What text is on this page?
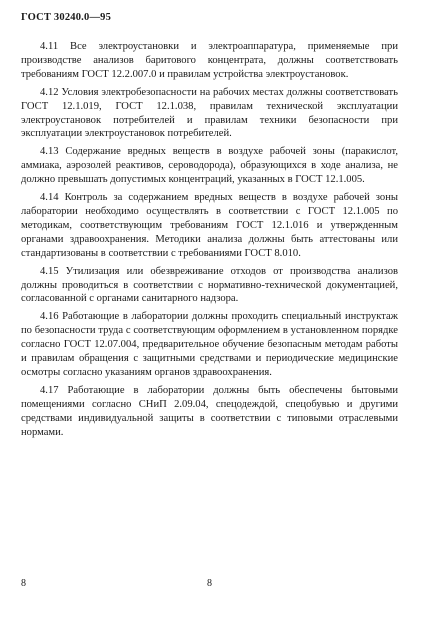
ГОСТ 30240.0—95

4.11 Все электроустановки и электроаппаратура, применяемые при производстве анализов баритового концентрата, должны соответствовать требованиям ГОСТ 12.2.007.0 и правилам устройства электроустановок.

4.12 Условия электробезопасности на рабочих местах должны соответствовать ГОСТ 12.1.019, ГОСТ 12.1.038, правилам технической эксплуатации электроустановок потребителей и правилам техники безопасности при эксплуатации электроустановок потребителей.

4.13 Содержание вредных веществ в воздухе рабочей зоны (паракислот, аммиака, аэрозолей реактивов, сероводорода), образующихся в ходе анализа, не должно превышать допустимых концентраций, указанных в ГОСТ 12.1.005.

4.14 Контроль за содержанием вредных веществ в воздухе рабочей зоны лаборатории необходимо осуществлять в соответствии с ГОСТ 12.1.005 по методикам, соответствующим требованиям ГОСТ 12.1.016 и утвержденным органами здравоохранения. Методики анализа должны быть аттестованы или стандартизованы в соответствии с требованиями ГОСТ 8.010.

4.15 Утилизация или обезвреживание отходов от производства анализов должны проводиться в соответствии с нормативно-технической документацией, согласованной с органами санитарного надзора.

4.16 Работающие в лаборатории должны проходить специальный инструктаж по безопасности труда с соответствующим оформлением в установленном порядке согласно ГОСТ 12.07.004, предварительное обучение безопасным методам работы и правилам обращения с защитными средствами и периодические медицинские осмотры согласно указаниям органов здравоохранения.

4.17 Работающие в лаборатории должны быть обеспечены бытовыми помещениями согласно СНиП 2.09.04, спецодеждой, спецобувью и другими средствами индивидуальной защиты в соответствии с типовыми отраслевыми нормами.

8	8
